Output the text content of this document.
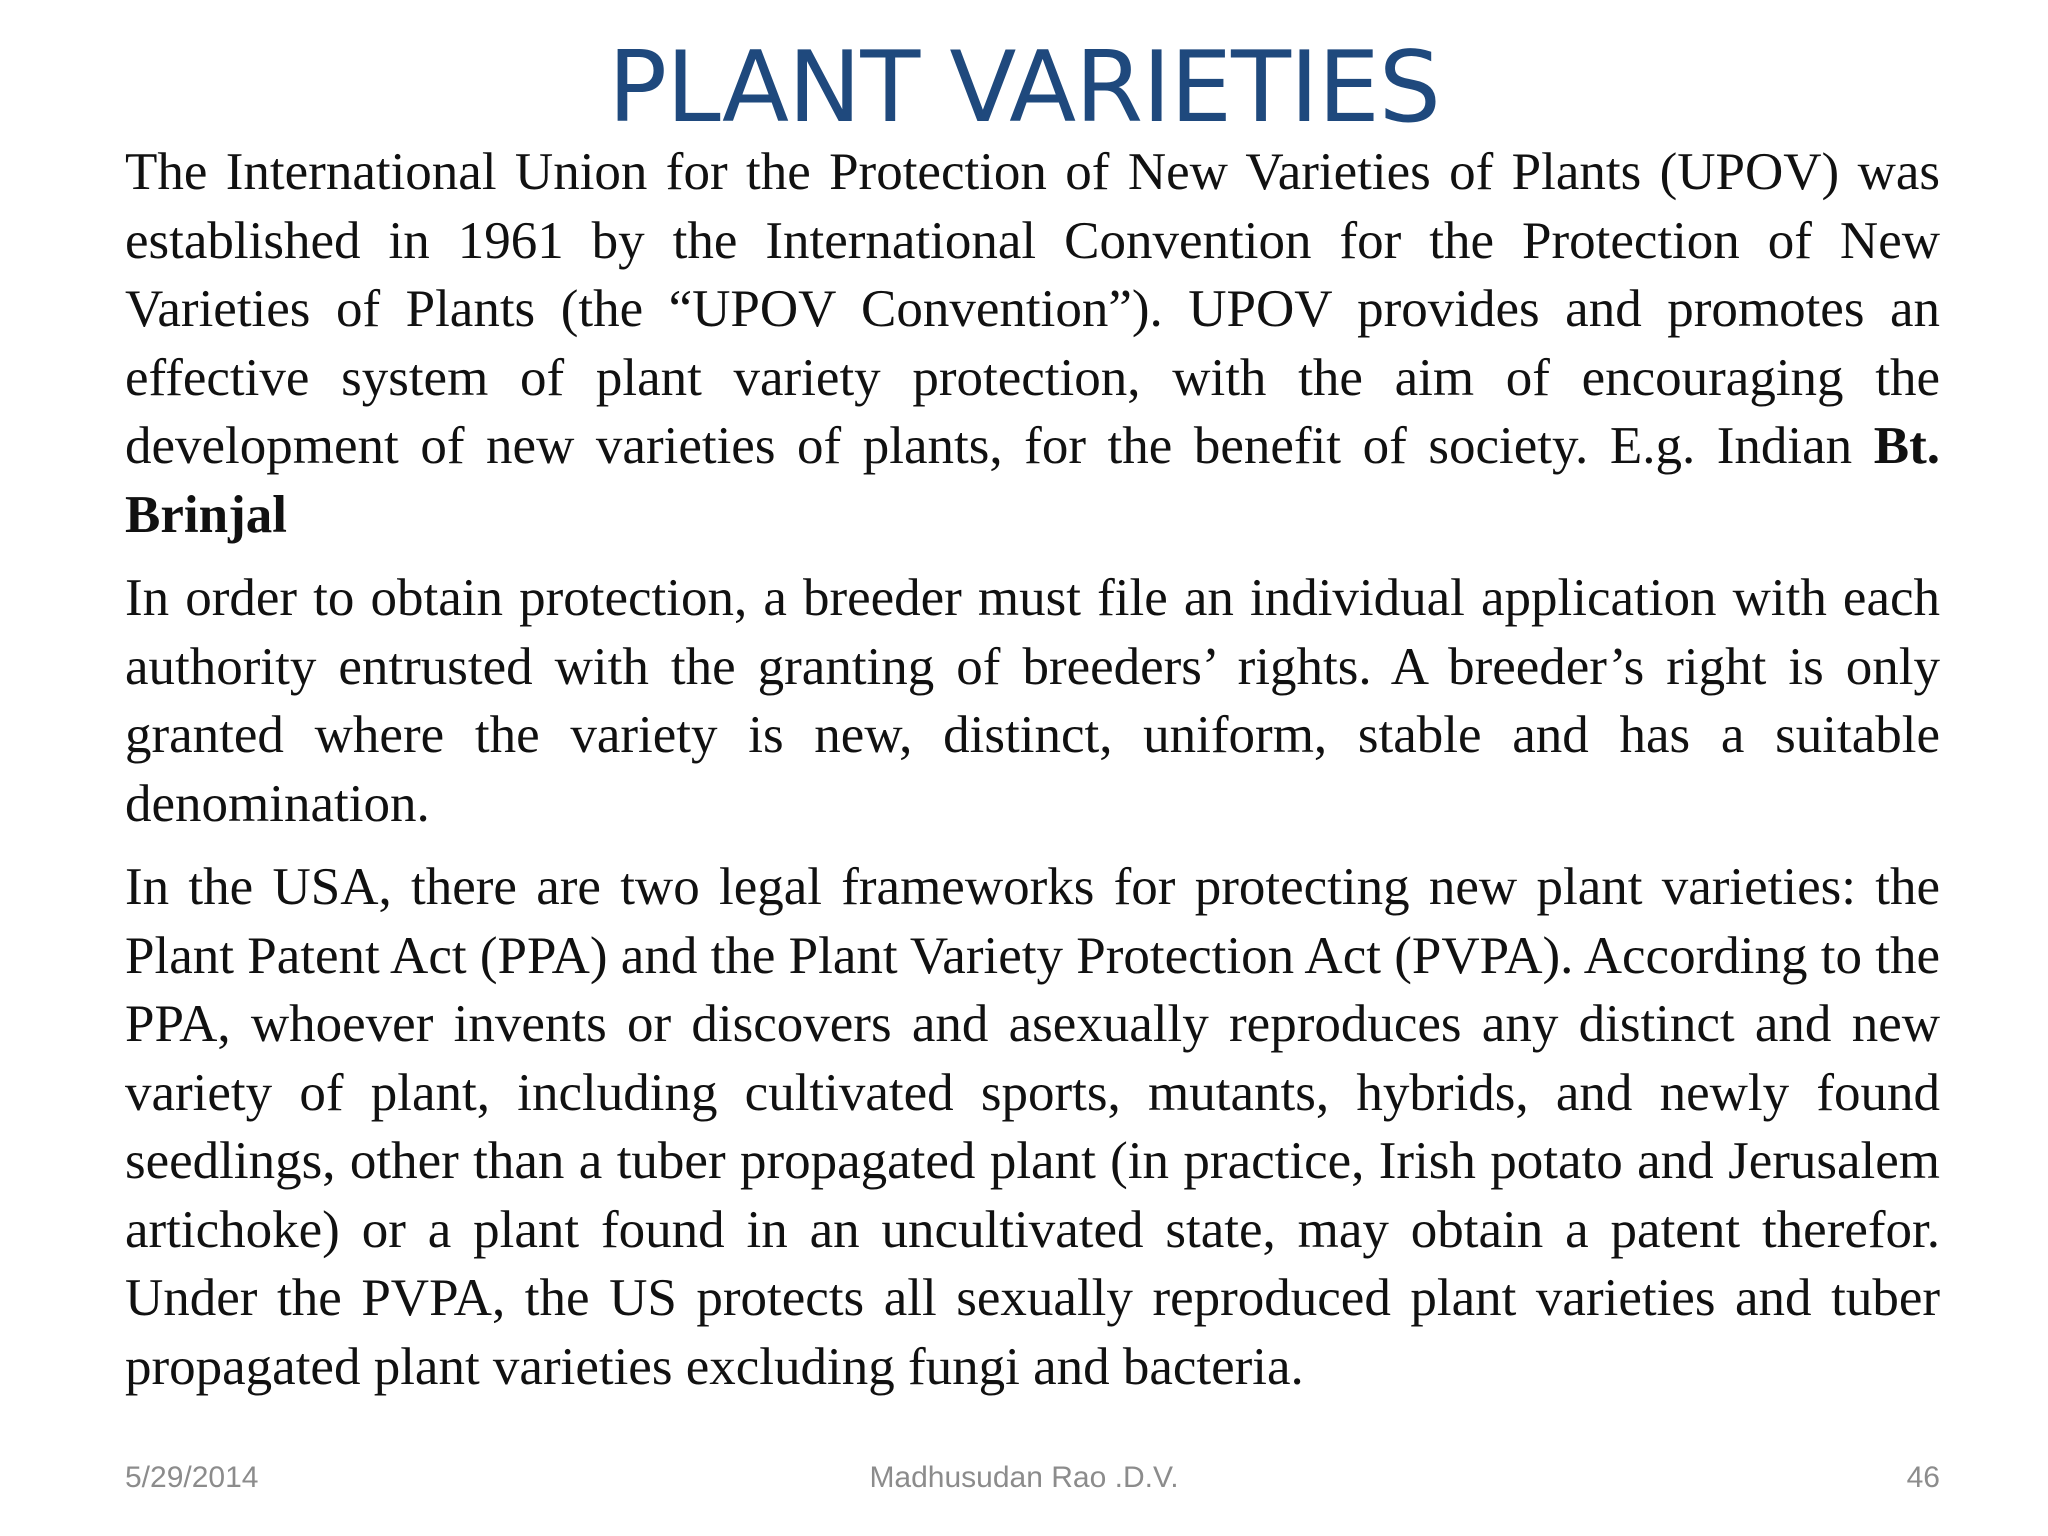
PLANT VARIETIES

The International Union for the Protection of New Varieties of Plants (UPOV) was established in 1961 by the International Convention for the Protection of New Varieties of Plants (the “UPOV Convention”). UPOV provides and promotes an effective system of plant variety protection, with the aim of encouraging the development of new varieties of plants, for the benefit of society. E.g. Indian Bt. Brinjal

In order to obtain protection, a breeder must file an individual application with each authority entrusted with the granting of breeders’ rights. A breeder’s right is only granted where the variety is new, distinct, uniform, stable and has a suitable denomination.

In the USA, there are two legal frameworks for protecting new plant varieties: the Plant Patent Act (PPA) and the Plant Variety Protection Act (PVPA). According to the PPA, whoever invents or discovers and asexually reproduces any distinct and new variety of plant, including cultivated sports, mutants, hybrids, and newly found seedlings, other than a tuber propagated plant (in practice, Irish potato and Jerusalem artichoke) or a plant found in an uncultivated state, may obtain a patent therefor. Under the PVPA, the US protects all sexually reproduced plant varieties and tuber propagated plant varieties excluding fungi and bacteria.

5/29/2014	Madhusudan Rao .D.V.	46
